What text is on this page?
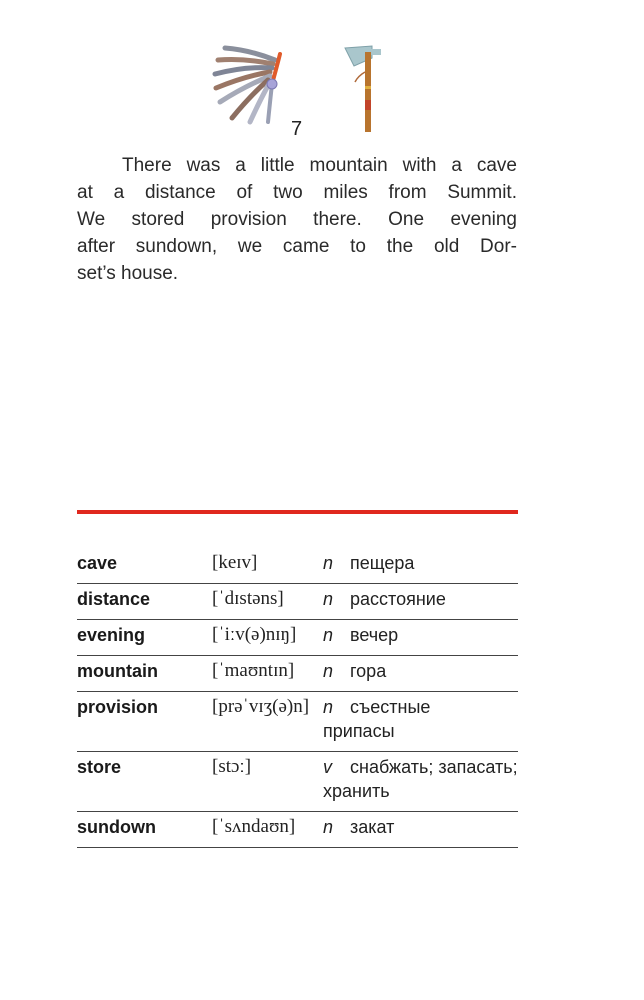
7
There was a little mountain with a cave
at a distance of two miles from Summit.
We stored provision there. One evening
after sundown, we came to the old Dor-
set’s house.
cave	[keɪv]	n пещера
distance	[ˈdɪstəns] n расстояние
evening	[ˈiːv(ə)nɪŋ] n вечер
mountain	[ˈmaʊntɪn] n гора
provision	[prəˈvɪʒ(ə)n] n съестные припасы
store	[stɔː]	v	снабжать; запасать; хранить
sundown	[ˈsʌndaʊn] n закат
